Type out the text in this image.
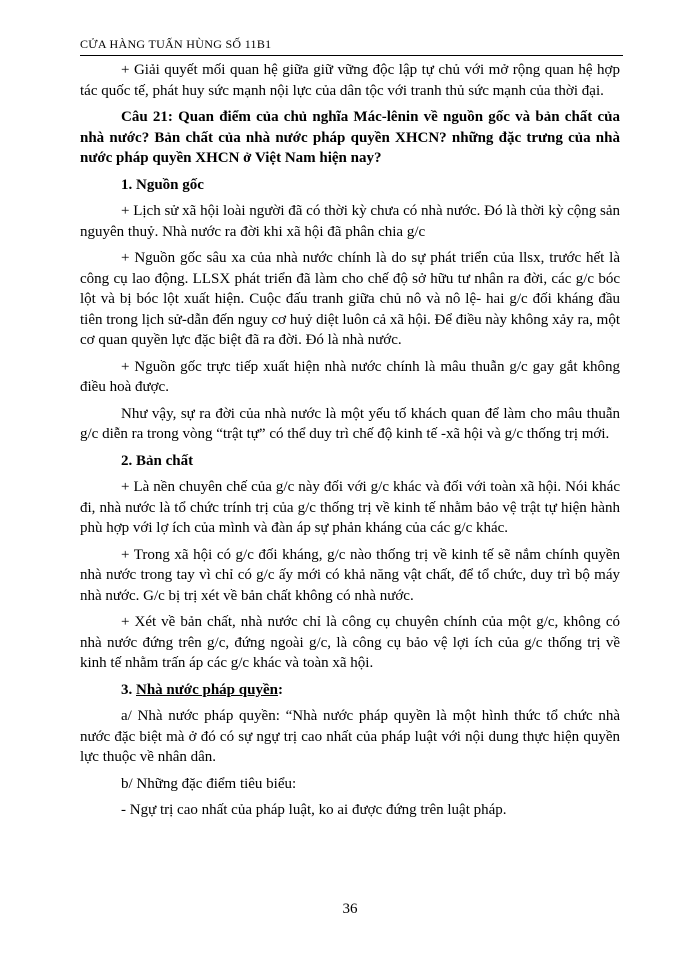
CỬA HÀNG TUẤN HÙNG SỐ 11B1

+ Giải quyết mối quan hệ giữa giữ vững độc lập tự chủ với mở rộng quan hệ hợp tác quốc tế, phát huy sức mạnh nội lực của dân tộc với tranh thủ sức mạnh của thời đại.

Câu 21: Quan điểm của chủ nghĩa Mác-lênin về nguồn gốc và bản chất của nhà nước? Bản chất của nhà nước pháp quyền XHCN? những đặc trưng của nhà nước pháp quyền XHCN ở Việt Nam hiện nay?

1. Nguồn gốc

+ Lịch sử xã hội loài người đã có thời kỳ chưa có nhà nước. Đó là thời kỳ cộng sản nguyên thuỷ. Nhà nước ra đời khi xã hội đã phân chia g/c

+ Nguồn gốc sâu xa của nhà nước chính là do sự phát triển của llsx, trước hết là công cụ lao động. LLSX phát triển đã làm cho chế độ sở hữu tư nhân ra đời, các g/c bóc lột và bị bóc lột xuất hiện. Cuộc đấu tranh giữa chủ nô và nô lệ- hai g/c đối kháng đầu tiên trong lịch sử-dẫn đến nguy cơ huỷ diệt luôn cả xã hội. Để điều này không xảy ra, một cơ quan quyền lực đặc biệt đã ra đời. Đó là nhà nước.

+ Nguồn gốc trực tiếp xuất hiện nhà nước chính là mâu thuẫn g/c gay gắt không điều hoà được.

Như vậy, sự ra đời của nhà nước là một yếu tố khách quan để làm cho mâu thuẫn g/c diễn ra trong vòng “trật tự” có thể duy trì chế độ kinh tế -xã hội và g/c thống trị mới.

2. Bản chất

+ Là nền chuyên chế của g/c này đối với g/c khác và đối với toàn xã hội. Nói khác đi, nhà nước là tổ chức trính trị của g/c thống trị về kinh tế nhằm bảo vệ trật tự hiện hành phù hợp với lợ ích của mình và đàn áp sự phản kháng của các g/c khác.

+ Trong xã hội có g/c đối kháng, g/c nào thống trị về kinh tế sẽ nắm chính quyền nhà nước trong tay vì chỉ có g/c ấy mới có khả năng vật chất, để tổ chức, duy trì bộ máy nhà nước. G/c bị trị xét về bản chất không có nhà nước.

+ Xét về bản chất, nhà nước chỉ là công cụ chuyên chính của một g/c, không có nhà nước đứng trên g/c, đứng ngoài g/c, là công cụ bảo vệ lợi ích của g/c thống trị về kinh tế nhằm trấn áp các g/c khác và toàn xã hội.

3. Nhà nước pháp quyền:

a/ Nhà nước pháp quyền: “Nhà nước pháp quyền là một hình thức tổ chức nhà nước đặc biệt mà ở đó có sự ngự trị cao nhất của pháp luật với nội dung thực hiện quyền lực thuộc về nhân dân.

b/ Những đặc điểm tiêu biểu:

- Ngự trị cao nhất của pháp luật, ko ai được đứng trên luật pháp.

36
